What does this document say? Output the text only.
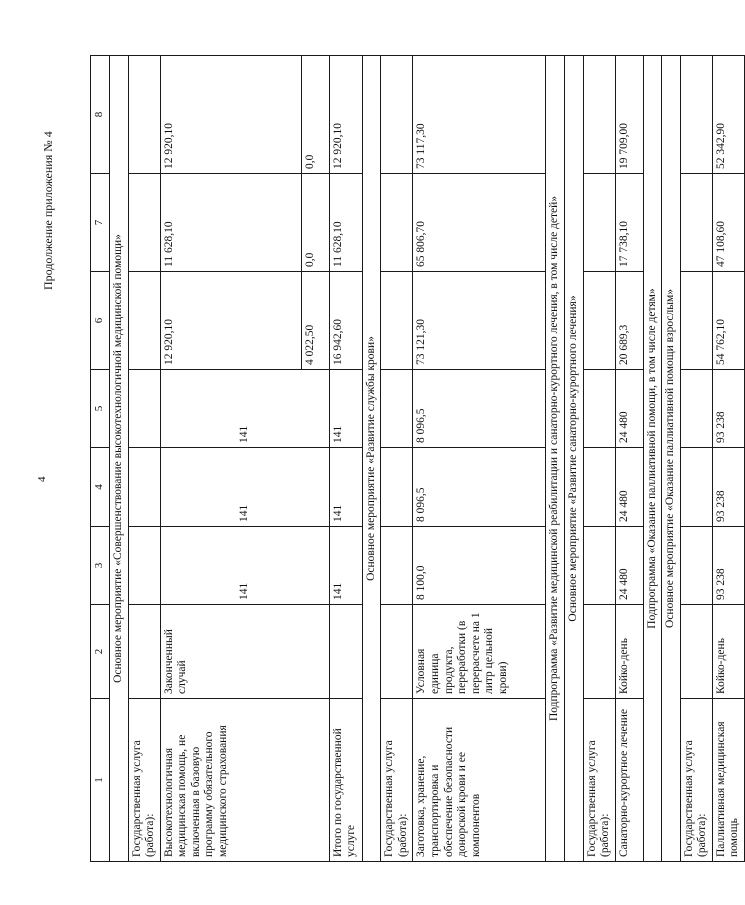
4
Продолжение приложения № 4
1	2	3	4	5	6	7	8
Основное мероприятие «Совершенствование высокотехнологичной медицинской помощи»							
Государственная услуга (работа):							
Высокотехнологичная медицинская помощь, не включенная в базовую программу обязательного медицинского страхования	Законченный случай	141	141	141	12 920,10	11 628,10	12 920,10
					4 022,50	0,0	0,0
Итого по государственной услуге		141	141	141	16 942,60	11 628,10	12 920,10
Основное мероприятие «Развитие службы крови»							
Государственная услуга (работа):							
Заготовка, хранение, транспортировка и обеспечение безопасности донорской крови и ее компонентов	Условная единица продукта, переработки (в перерасчете на 1 литр цельной крови)	8 100,0	8 096,5	8 096,5	73 121,30	65 806,70	73 117,30
Подпрограмма «Развитие медицинской реабилитации и санаторно-курортного лечения, в том числе детей»							
Основное мероприятие «Развитие санаторно-курортного лечения»							
Государственная услуга (работа):							
Санаторно-курортное лечение	Койко-день	24 480	24 480	24 480	20 689,3	17 738,10	19 709,00
Подпрограмма «Оказание паллиативной помощи, в том числе детям»							
Основное мероприятие «Оказание паллиативной помощи взрослым»							
Государственная услуга (работа):							
Паллиативная медицинская помощь	Койко-день	93 238	93 238	93 238	54 762,10	47 108,60	52 342,90
